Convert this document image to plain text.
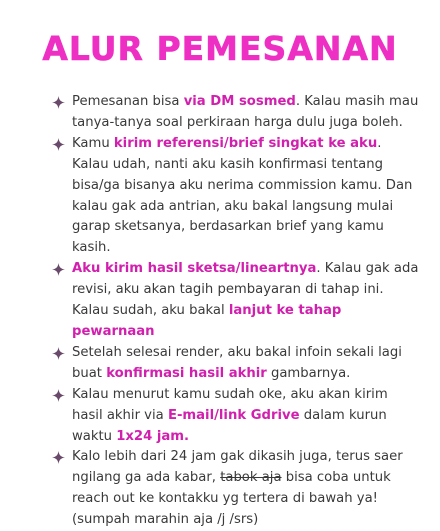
ALUR PEMESANAN
Pemesanan bisa via DM sosmed. Kalau masih mau tanya-tanya soal perkiraan harga dulu juga boleh.
Kamu kirim referensi/brief singkat ke aku. Kalau udah, nanti aku kasih konfirmasi tentang bisa/ga bisanya aku nerima commission kamu. Dan kalau gak ada antrian, aku bakal langsung mulai garap sketsanya, berdasarkan brief yang kamu kasih.
Aku kirim hasil sketsa/lineartnya. Kalau gak ada revisi, aku akan tagih pembayaran di tahap ini. Kalau sudah, aku bakal lanjut ke tahap pewarnaan
Setelah selesai render, aku bakal infoin sekali lagi buat konfirmasi hasil akhir gambarnya.
Kalau menurut kamu sudah oke, aku akan kirim hasil akhir via E-mail/link Gdrive dalam kurun waktu 1x24 jam.
Kalo lebih dari 24 jam gak dikasih juga, terus saer ngilang ga ada kabar, tabok aja bisa coba untuk reach out ke kontakku yg tertera di bawah ya! (sumpah marahin aja /j /srs)
